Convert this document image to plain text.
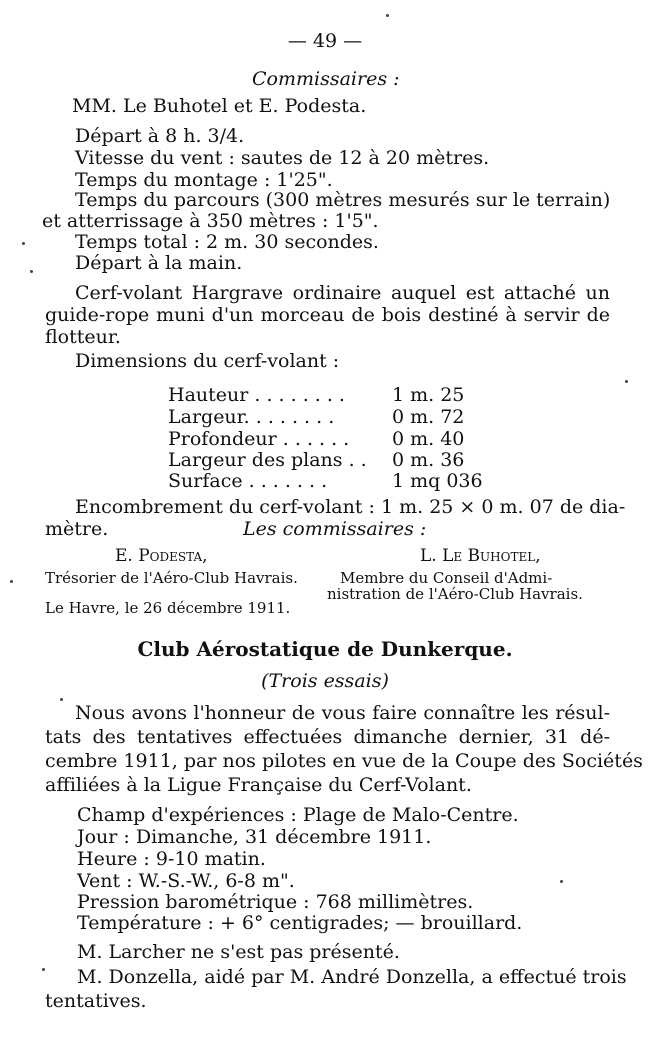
— 49 —
Commissaires :
MM. Le Buhotel et E. Podesta.
Départ à 8 h. 3/4.
Vitesse du vent : sautes de 12 à 20 mètres.
Temps du montage : 1'25".
Temps du parcours (300 mètres mesurés sur le terrain)
et atterrissage à 350 mètres : 1'5".
Temps total : 2 m. 30 secondes.
Départ à la main.
Cerf-volant Hargrave ordinaire auquel est attaché un
guide-rope muni d'un morceau de bois destiné à servir de
flotteur.
Dimensions du cerf-volant :
Hauteur . . . . . . . . 1 m. 25
Largeur. . . . . . . .	0 m. 72
Profondeur . . . . . . 0 m. 40
Largeur des plans . . 0 m. 36
Surface . . . . . . .	1 mq 036
Encombrement du cerf-volant : 1 m. 25 × 0 m. 07 de dia-
mètre.	Les commissaires :
E. Podesta,	L. Le Buhotel,
Trésorier de l'Aéro-Club Havrais.	Membre du Conseil d'Admi-
nistration de l'Aéro-Club Havrais.
Le Havre, le 26 décembre 1911.
Club Aérostatique de Dunkerque.
(Trois essais)
Nous avons l'honneur de vous faire connaître les résul-
tats des tentatives effectuées dimanche dernier, 31 dé-
cembre 1911, par nos pilotes en vue de la Coupe des Sociétés
affiliées à la Ligue Française du Cerf-Volant.
Champ d'expériences : Plage de Malo-Centre.
Jour : Dimanche, 31 décembre 1911.
Heure : 9-10 matin.
Vent : W.-S.-W., 6-8 m".
Pression barométrique : 768 millimètres.
Température : + 6° centigrades; — brouillard.
M. Larcher ne s'est pas présenté.
M. Donzella, aidé par M. André Donzella, a effectué trois
tentatives.
